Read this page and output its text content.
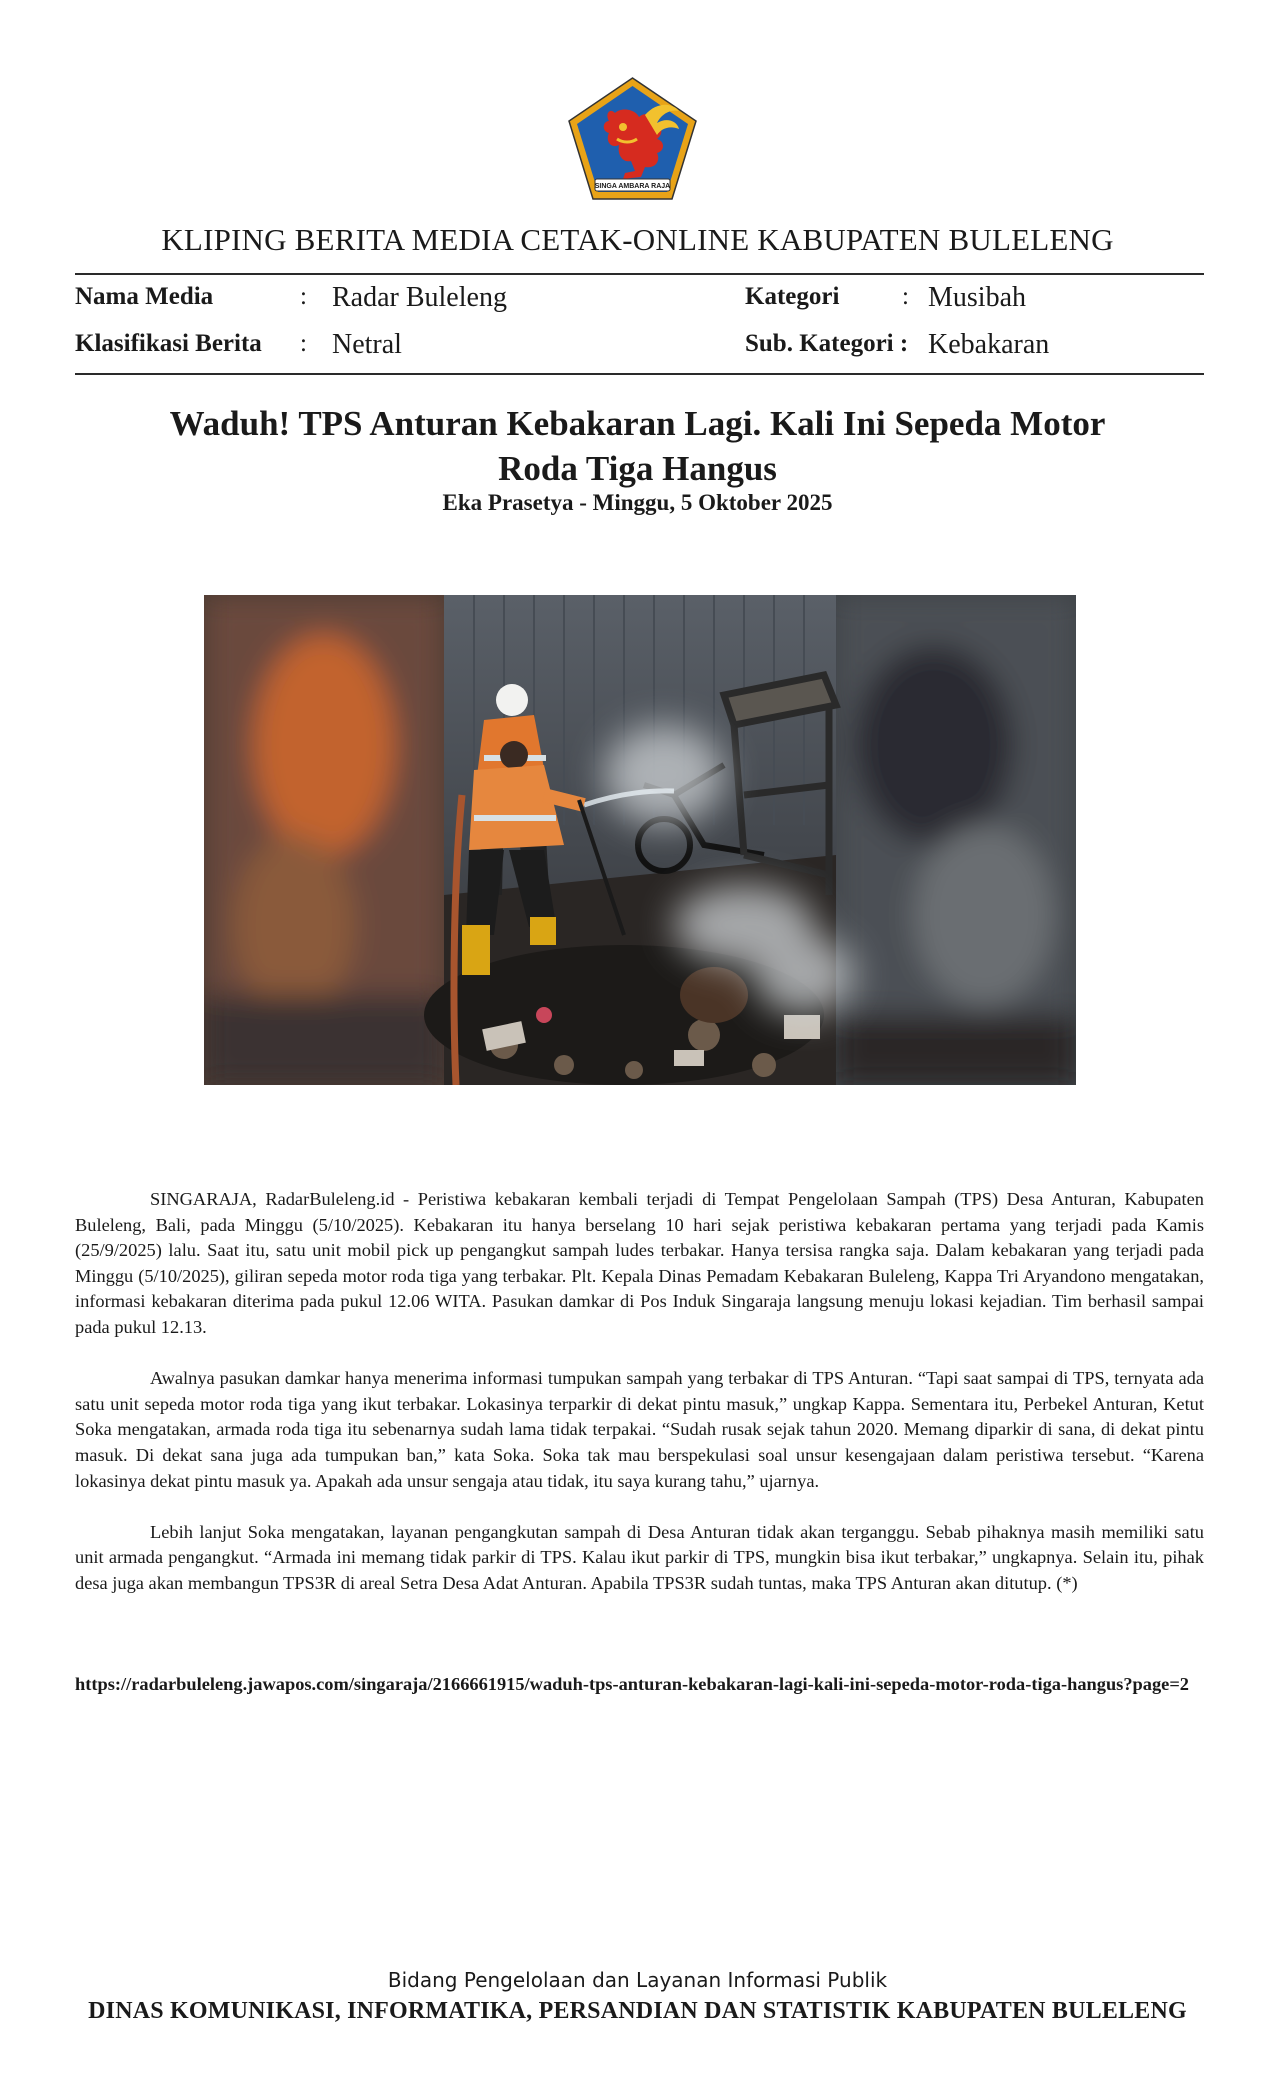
SINGA AMBARA RAJA
KLIPING BERITA MEDIA CETAK-ONLINE KABUPATEN BULELENG
Nama Media	: Radar Buleleng	Kategori	: Musibah
Klasifikasi Berita : Netral	Sub. Kategori : Kebakaran
Waduh! TPS Anturan Kebakaran Lagi. Kali Ini Sepeda Motor Roda Tiga Hangus
Eka Prasetya - Minggu, 5 Oktober 2025

SINGARAJA, RadarBuleleng.id - Peristiwa kebakaran kembali terjadi di Tempat Pengelolaan Sampah (TPS) Desa Anturan, Kabupaten Buleleng, Bali, pada Minggu (5/10/2025). Kebakaran itu hanya berselang 10 hari sejak peristiwa kebakaran pertama yang terjadi pada Kamis (25/9/2025) lalu. Saat itu, satu unit mobil pick up pengangkut sampah ludes terbakar. Hanya tersisa rangka saja. Dalam kebakaran yang terjadi pada Minggu (5/10/2025), giliran sepeda motor roda tiga yang terbakar. Plt. Kepala Dinas Pemadam Kebakaran Buleleng, Kappa Tri Aryandono mengatakan, informasi kebakaran diterima pada pukul 12.06 WITA. Pasukan damkar di Pos Induk Singaraja langsung menuju lokasi kejadian. Tim berhasil sampai pada pukul 12.13.

Awalnya pasukan damkar hanya menerima informasi tumpukan sampah yang terbakar di TPS Anturan. “Tapi saat sampai di TPS, ternyata ada satu unit sepeda motor roda tiga yang ikut terbakar. Lokasinya terparkir di dekat pintu masuk,” ungkap Kappa. Sementara itu, Perbekel Anturan, Ketut Soka mengatakan, armada roda tiga itu sebenarnya sudah lama tidak terpakai. “Sudah rusak sejak tahun 2020. Memang diparkir di sana, di dekat pintu masuk. Di dekat sana juga ada tumpukan ban,” kata Soka. Soka tak mau berspekulasi soal unsur kesengajaan dalam peristiwa tersebut. “Karena lokasinya dekat pintu masuk ya. Apakah ada unsur sengaja atau tidak, itu saya kurang tahu,” ujarnya.

Lebih lanjut Soka mengatakan, layanan pengangkutan sampah di Desa Anturan tidak akan terganggu. Sebab pihaknya masih memiliki satu unit armada pengangkut. “Armada ini memang tidak parkir di TPS. Kalau ikut parkir di TPS, mungkin bisa ikut terbakar,” ungkapnya. Selain itu, pihak desa juga akan membangun TPS3R di areal Setra Desa Adat Anturan. Apabila TPS3R sudah tuntas, maka TPS Anturan akan ditutup. (*)

https://radarbuleleng.jawapos.com/singaraja/2166661915/waduh-tps-anturan-kebakaran-lagi-kali-ini-sepeda-motor-roda-tiga-hangus?page=2
Bidang Pengelolaan dan Layanan Informasi Publik
DINAS KOMUNIKASI, INFORMATIKA, PERSANDIAN DAN STATISTIK KABUPATEN BULELENG
